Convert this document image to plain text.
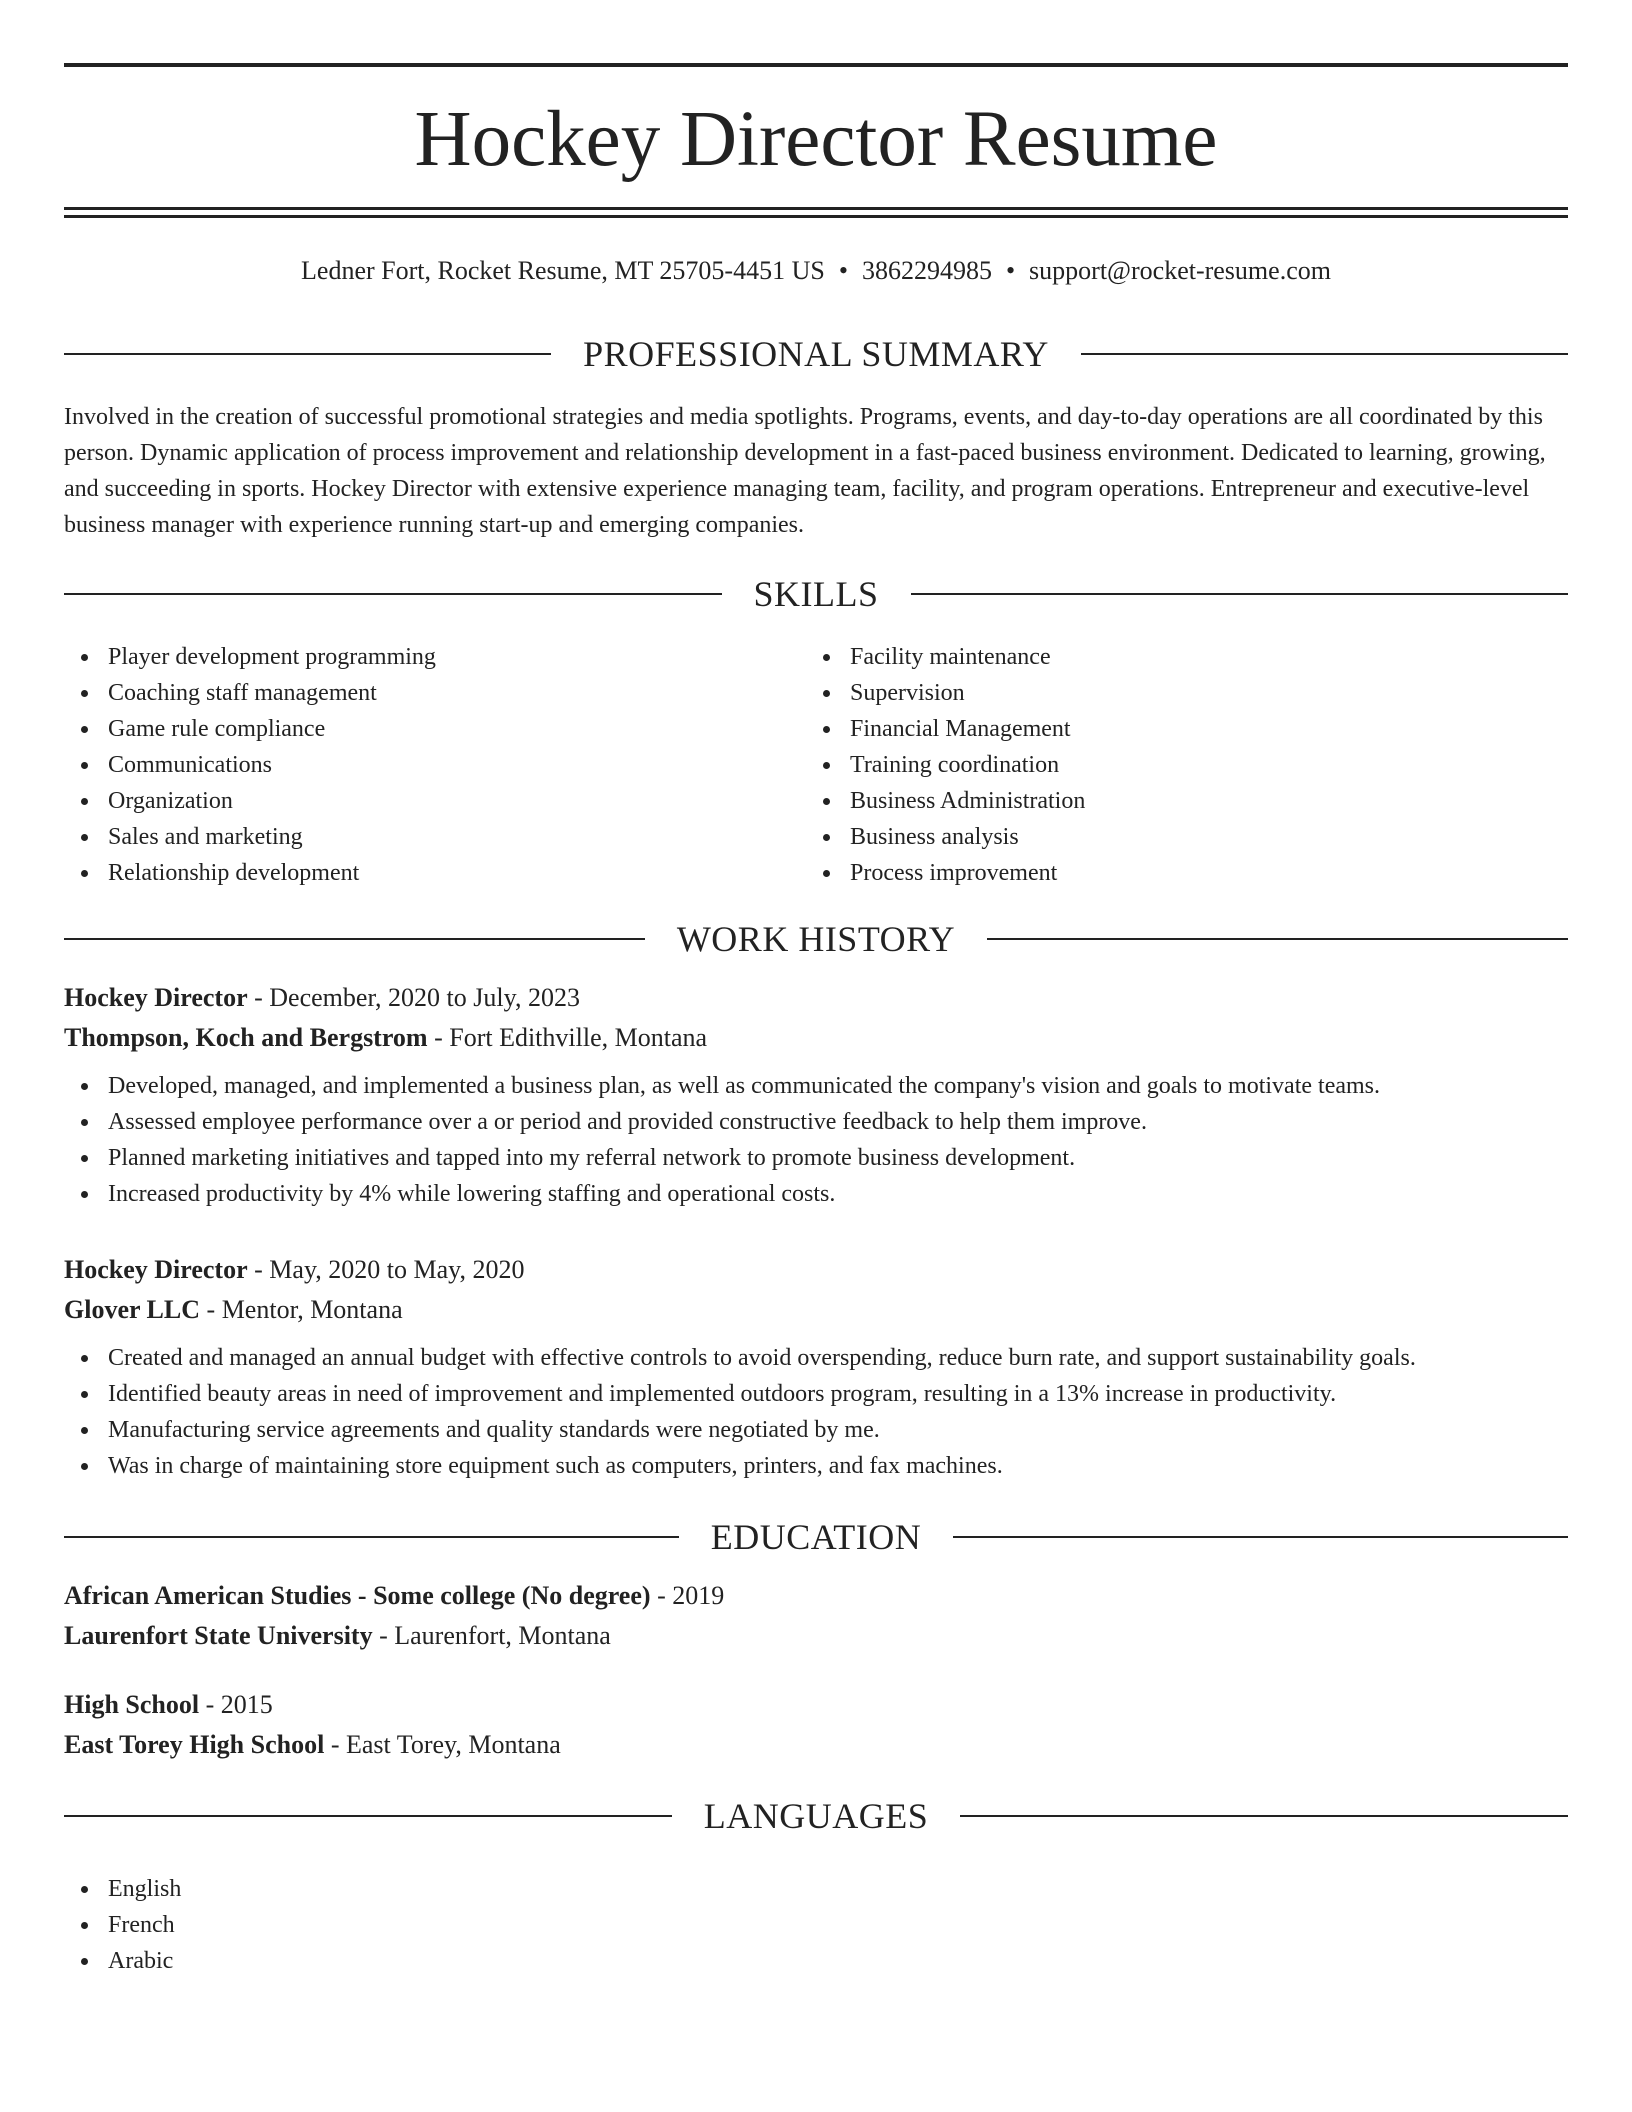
Hockey Director Resume
Ledner Fort, Rocket Resume, MT 25705-4451 US • 3862294985 • support@rocket-resume.com
PROFESSIONAL SUMMARY

Involved in the creation of successful promotional strategies and media spotlights. Programs, events, and day-to-day operations are all coordinated by this person. Dynamic application of process improvement and relationship development in a fast-paced business environment. Dedicated to learning, growing, and succeeding in sports. Hockey Director with extensive experience managing team, facility, and program operations. Entrepreneur and executive-level business manager with experience running start-up and emerging companies.

SKILLS
Player development programming
Coaching staff management
Game rule compliance
Communications
Organization
Sales and marketing
Relationship development
Facility maintenance
Supervision
Financial Management
Training coordination
Business Administration
Business analysis
Process improvement
WORK HISTORY
Hockey Director - December, 2020 to July, 2023
Thompson, Koch and Bergstrom - Fort Edithville, Montana
Developed, managed, and implemented a business plan, as well as communicated the company's vision and goals to motivate teams.
Assessed employee performance over a or period and provided constructive feedback to help them improve.
Planned marketing initiatives and tapped into my referral network to promote business development.
Increased productivity by 4% while lowering staffing and operational costs.
Hockey Director - May, 2020 to May, 2020
Glover LLC - Mentor, Montana
Created and managed an annual budget with effective controls to avoid overspending, reduce burn rate, and support sustainability goals.
Identified beauty areas in need of improvement and implemented outdoors program, resulting in a 13% increase in productivity.
Manufacturing service agreements and quality standards were negotiated by me.
Was in charge of maintaining store equipment such as computers, printers, and fax machines.
EDUCATION
African American Studies - Some college (No degree) - 2019
Laurenfort State University - Laurenfort, Montana
High School - 2015
East Torey High School - East Torey, Montana
LANGUAGES
English
French
Arabic
